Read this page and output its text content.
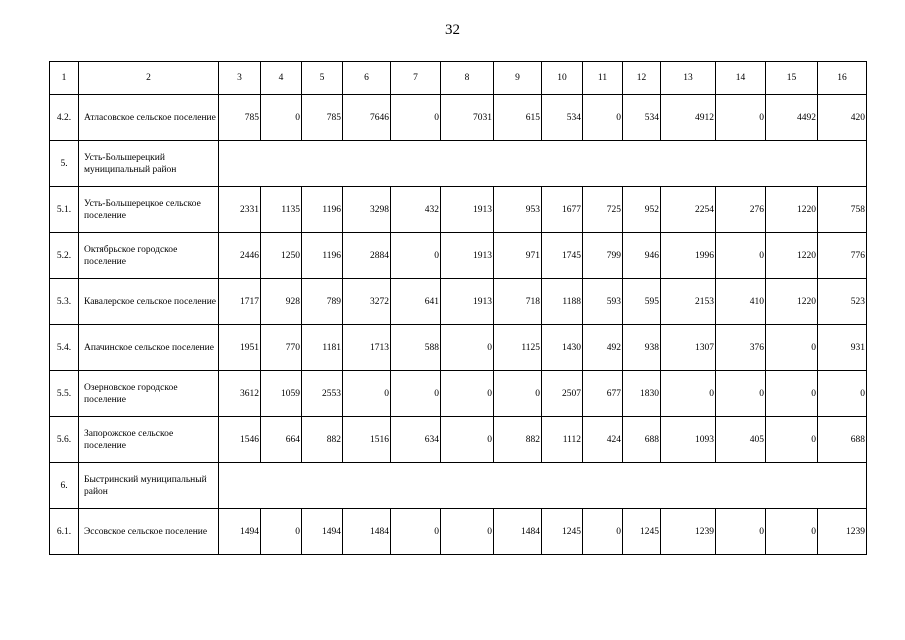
32
1	2	3	4	5	6	7	8	9	10	11	12	13	14	15	16
4.2.	Атласовское сельское поселение	785	0	785	7646	0	7031	615	534	0	534	4912	0	4492	420
5.	Усть-Большерецкий муниципальный район														
5.1.	Усть-Большерецкое сельское поселение	2331	1135	1196	3298	432	1913	953	1677	725	952	2254	276	1220	758
5.2.	Октябрьское городское поселение	2446	1250	1196	2884	0	1913	971	1745	799	946	1996	0	1220	776
5.3.	Кавалерское сельское поселение	1717	928	789	3272	641	1913	718	1188	593	595	2153	410	1220	523
5.4.	Апачинское сельское поселение	1951	770	1181	1713	588	0	1125	1430	492	938	1307	376	0	931
5.5.	Озерновское городское поселение	3612	1059	2553	0	0	0	0	2507	677	1830	0	0	0	0
5.6.	Запорожское сельское поселение	1546	664	882	1516	634	0	882	1112	424	688	1093	405	0	688
6.	Быстринский муниципальный район														
6.1.	Эссовское сельское поселение	1494	0	1494	1484	0	0	1484	1245	0	1245	1239	0	0	1239
